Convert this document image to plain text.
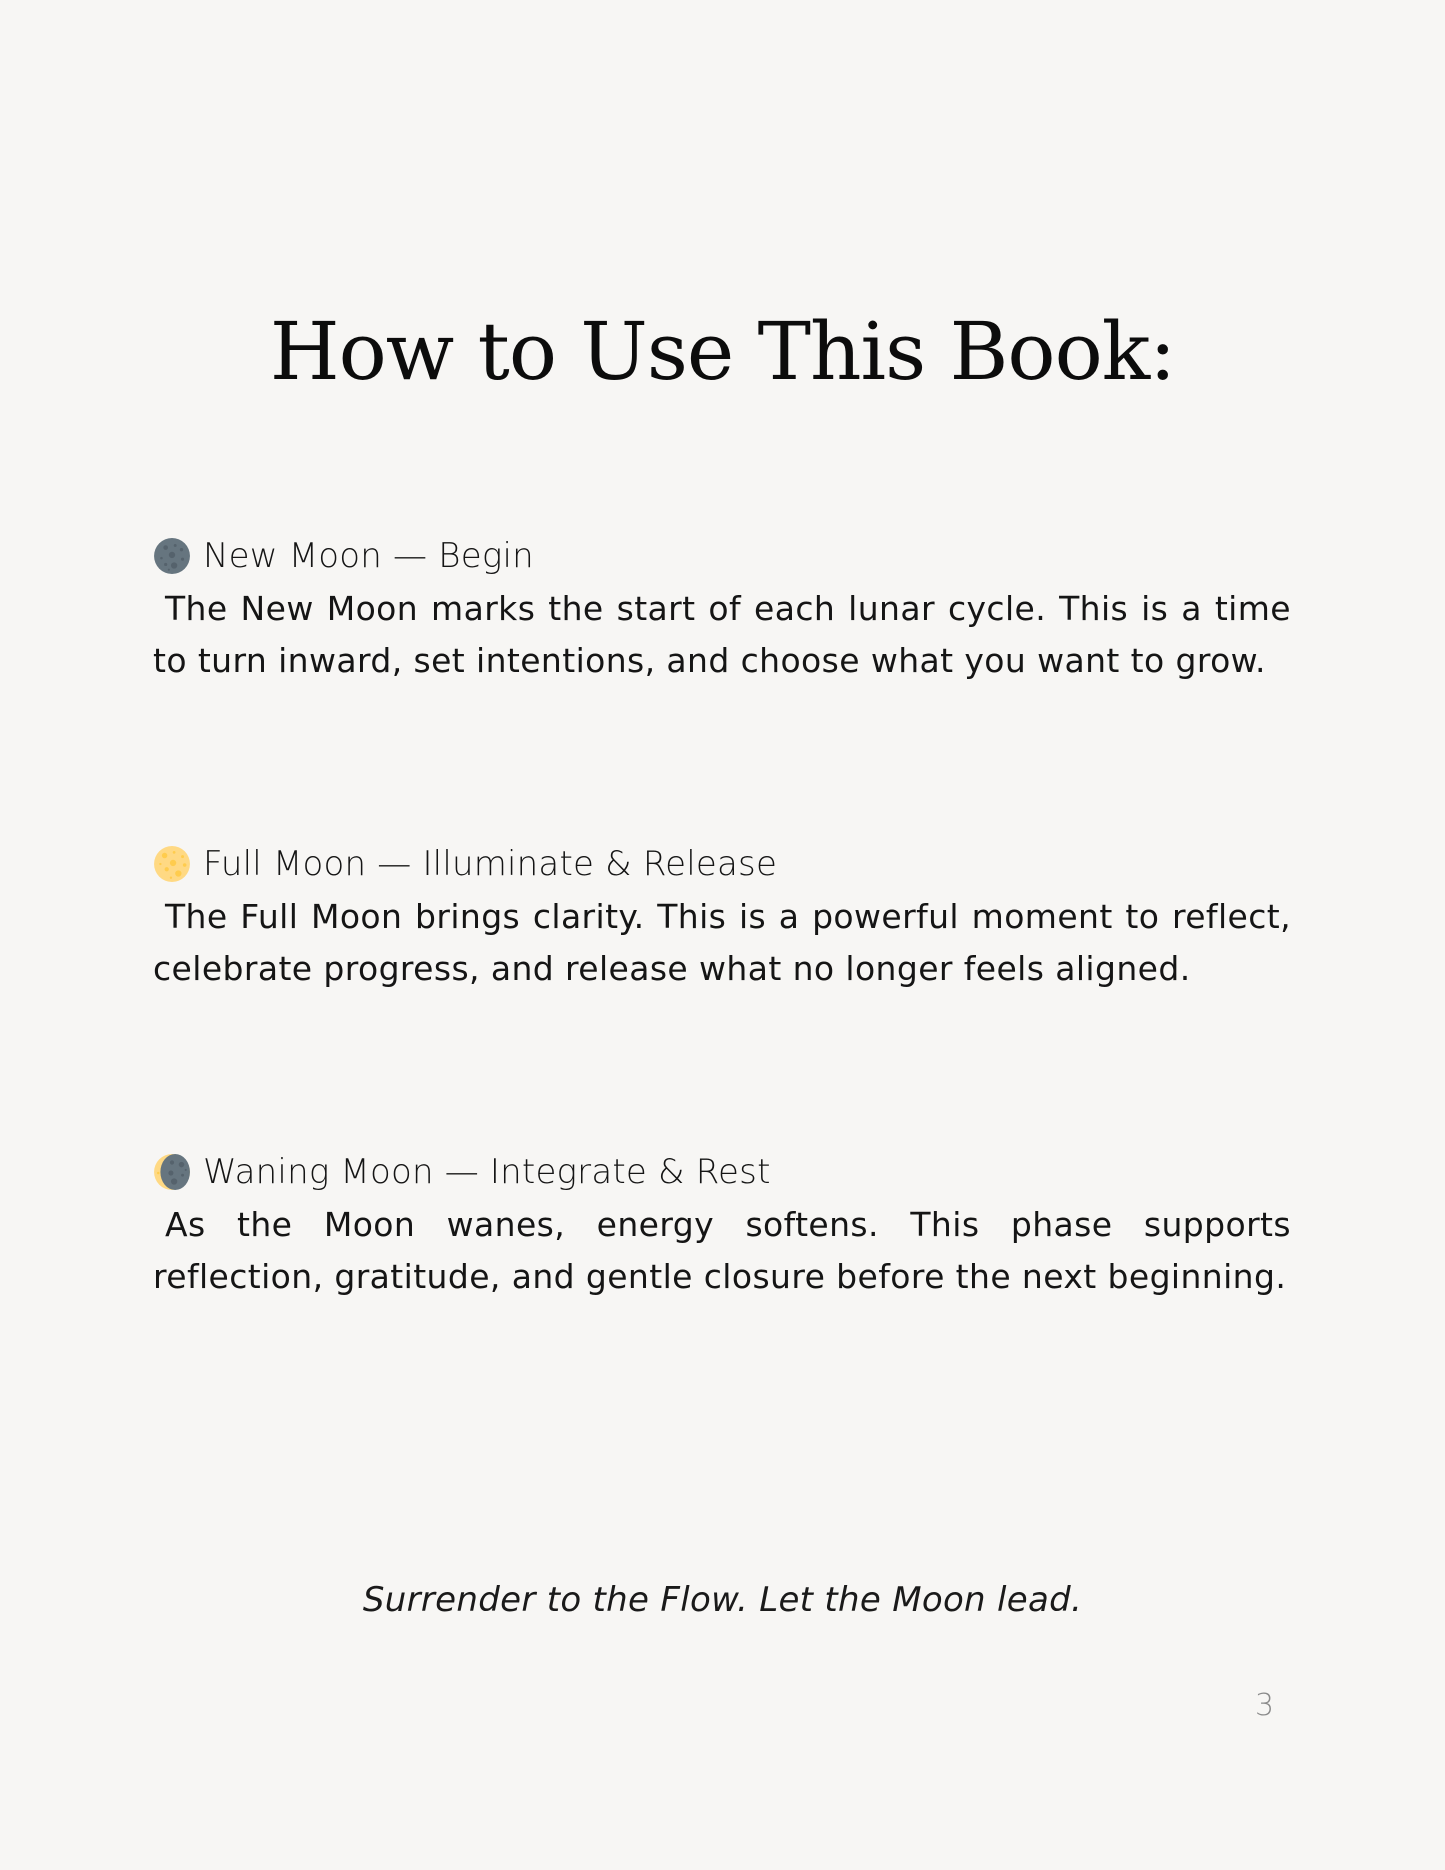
How to Use This Book:
New Moon — Begin

The New Moon marks the start of each lunar cycle. This is a time to turn inward, set intentions, and choose what you want to grow.

Full Moon — Illuminate & Release

The Full Moon brings clarity. This is a powerful moment to reflect, celebrate progress, and release what no longer feels aligned.

Waning Moon — Integrate & Rest

As the Moon wanes, energy softens. This phase supports reflection, gratitude, and gentle closure before the next beginning.

Surrender to the Flow. Let the Moon lead.
3
